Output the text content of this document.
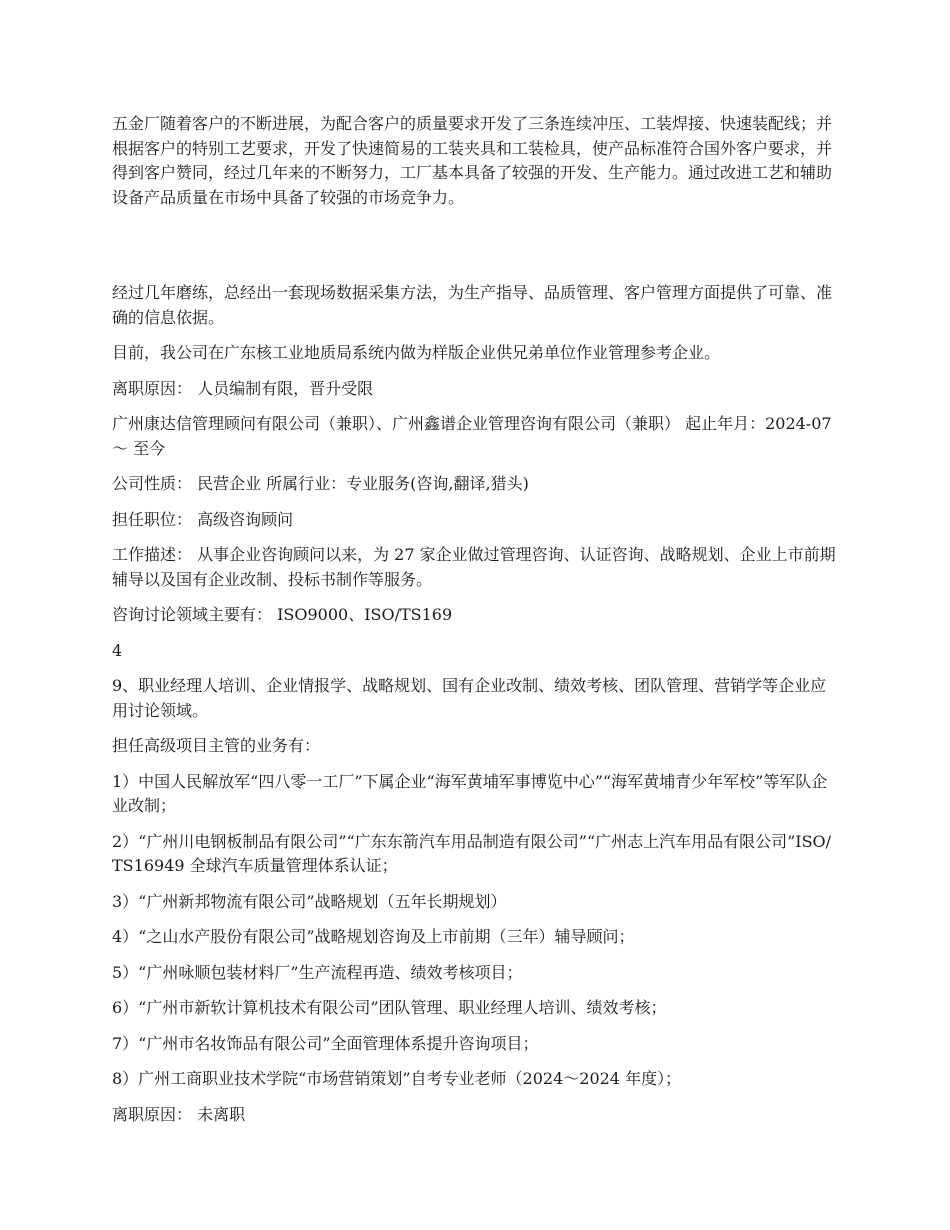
五金厂随着客户的不断进展，为配合客户的质量要求开发了三条连续冲压、工装焊接、快速装配线；并根据客户的特别工艺要求，开发了快速简易的工装夹具和工装检具，使产品标准符合国外客户要求，并得到客户赞同，经过几年来的不断努力，工厂基本具备了较强的开发、生产能力。通过改进工艺和辅助设备产品质量在市场中具备了较强的市场竞争力。

经过几年磨练，总经出一套现场数据采集方法，为生产指导、品质管理、客户管理方面提供了可靠、准确的信息依据。

目前，我公司在广东核工业地质局系统内做为样版企业供兄弟单位作业管理参考企业。

离职原因： 人员编制有限，晋升受限

广州康达信管理顾问有限公司（兼职）、广州鑫谱企业管理咨询有限公司（兼职） 起止年月：2024-07 ～ 至今

公司性质： 民营企业 所属行业：专业服务(咨询,翻译,猎头)

担任职位： 高级咨询顾问

工作描述： 从事企业咨询顾问以来，为 27 家企业做过管理咨询、认证咨询、战略规划、企业上市前期辅导以及国有企业改制、投标书制作等服务。

咨询讨论领域主要有： ISO9000、ISO/TS169

4

9、职业经理人培训、企业情报学、战略规划、国有企业改制、绩效考核、团队管理、营销学等企业应用讨论领域。

担任高级项目主管的业务有：

1）中国人民解放军“四八零一工厂”下属企业“海军黄埔军事博览中心”“海军黄埔青少年军校”等军队企业改制；

2）“广州川电钢板制品有限公司”“广东东箭汽车用品制造有限公司”“广州志上汽车用品有限公司”ISO/TS16949 全球汽车质量管理体系认证；

3）“广州新邦物流有限公司”战略规划（五年长期规划）

4）“之山水产股份有限公司”战略规划咨询及上市前期（三年）辅导顾问；

5）“广州咏顺包装材料厂”生产流程再造、绩效考核项目；

6）“广州市新软计算机技术有限公司”团队管理、职业经理人培训、绩效考核；

7）“广州市名妆饰品有限公司”全面管理体系提升咨询项目；

8）广州工商职业技术学院“市场营销策划”自考专业老师（2024～2024 年度）；

离职原因： 未离职
